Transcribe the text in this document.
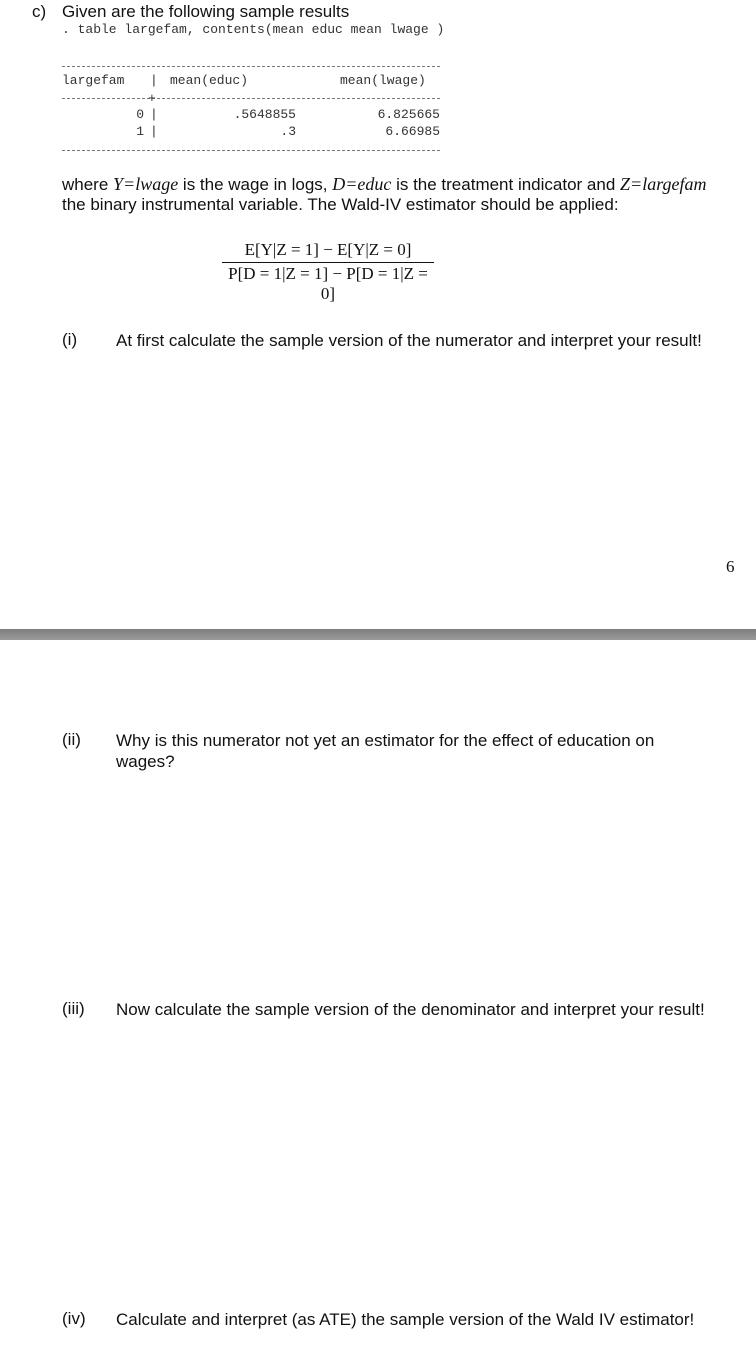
c) Given are the following sample results
. table largefam, contents(mean educ mean lwage )
largefam | mean(educ)	mean(lwage)
+
0 |	.5648855	6.825665
1 |	.3	6.66985
where Y=lwage is the wage in logs, D=educ is the treatment indicator and Z=largefam
the binary instrumental variable. The Wald-IV estimator should be applied:
E[Y|Z = 1] − E[Y|Z = 0]
P[D = 1|Z = 1] − P[D = 1|Z = 0]
(i) At first calculate the sample version of the numerator and interpret your result!
6
(ii) Why is this numerator not yet an estimator for the effect of education on wages?
(iii) Now calculate the sample version of the denominator and interpret your result!
(iv) Calculate and interpret (as ATE) the sample version of the Wald IV estimator!
